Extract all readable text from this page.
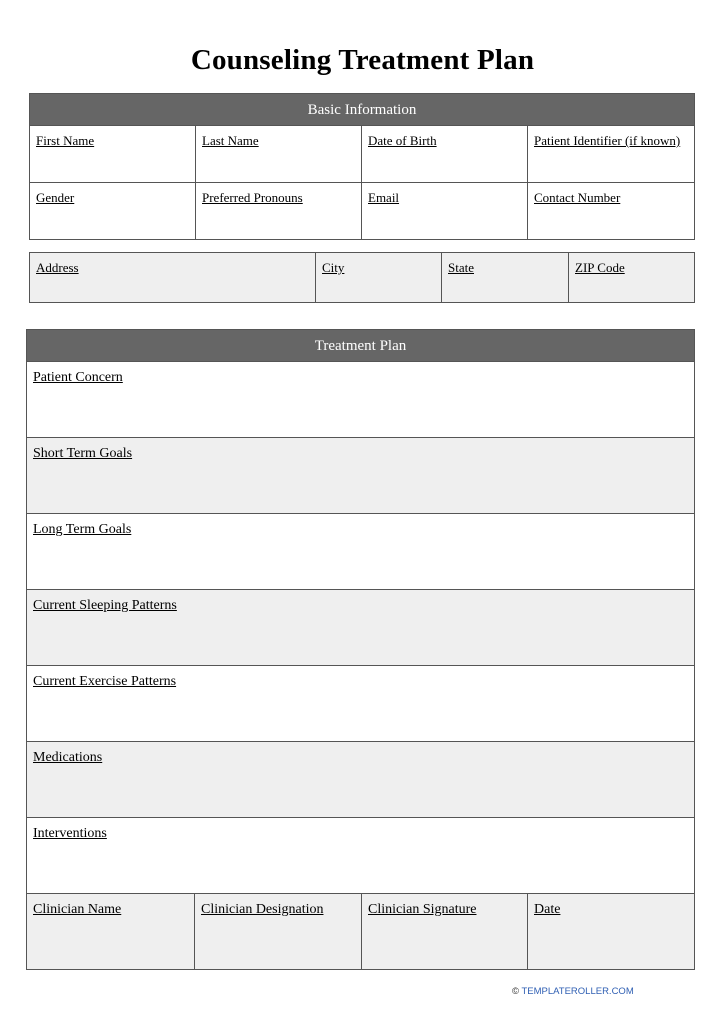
Counseling Treatment Plan
Basic Information
First Name	Last Name	Date of Birth	Patient Identifier (if known)
Gender	Preferred Pronouns	Email	Contact Number
Address	City	State	ZIP Code
Treatment Plan
Patient Concern
Short Term Goals
Long Term Goals
Current Sleeping Patterns
Current Exercise Patterns
Medications
Interventions
Clinician Name	Clinician Designation	Clinician Signature	Date
© TEMPLATEROLLER.COM
